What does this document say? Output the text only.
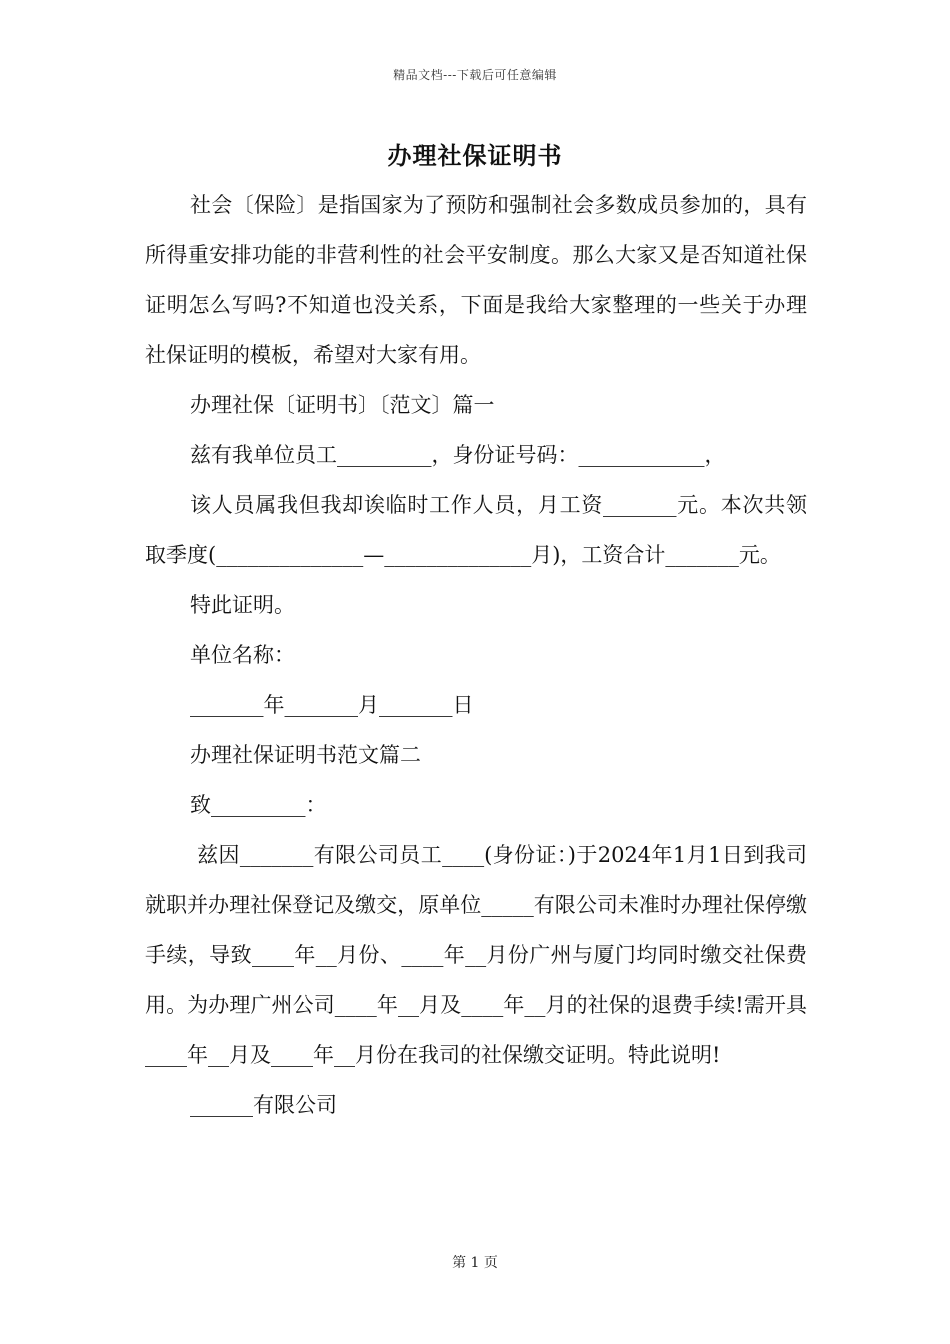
精品文档---下载后可任意编辑
办理社保证明书

社会〔保险〕是指国家为了预防和强制社会多数成员参加的，具有所得重安排功能的非营利性的社会平安制度。那么大家又是否知道社保证明怎么写吗?不知道也没关系，下面是我给大家整理的一些关于办理社保证明的模板，希望对大家有用。

办理社保〔证明书〕〔范文〕篇一

兹有我单位员工_________，身份证号码：____________，

该人员属我但我却诶临时工作人员，月工资_______元。本次共领取季度(______________—______________月)，工资合计_______元。

特此证明。

单位名称：

_______年_______月_______日

办理社保证明书范文篇二

致_________：

兹因_______有限公司员工____(身份证：)于2024年1月1日到我司就职并办理社保登记及缴交，原单位_____有限公司未准时办理社保停缴手续，导致____年__月份、____年__月份广州与厦门均同时缴交社保费用。为办理广州公司____年__月及____年__月的社保的退费手续!需开具____年__月及____年__月份在我司的社保缴交证明。特此说明!

______有限公司

第 1 页
